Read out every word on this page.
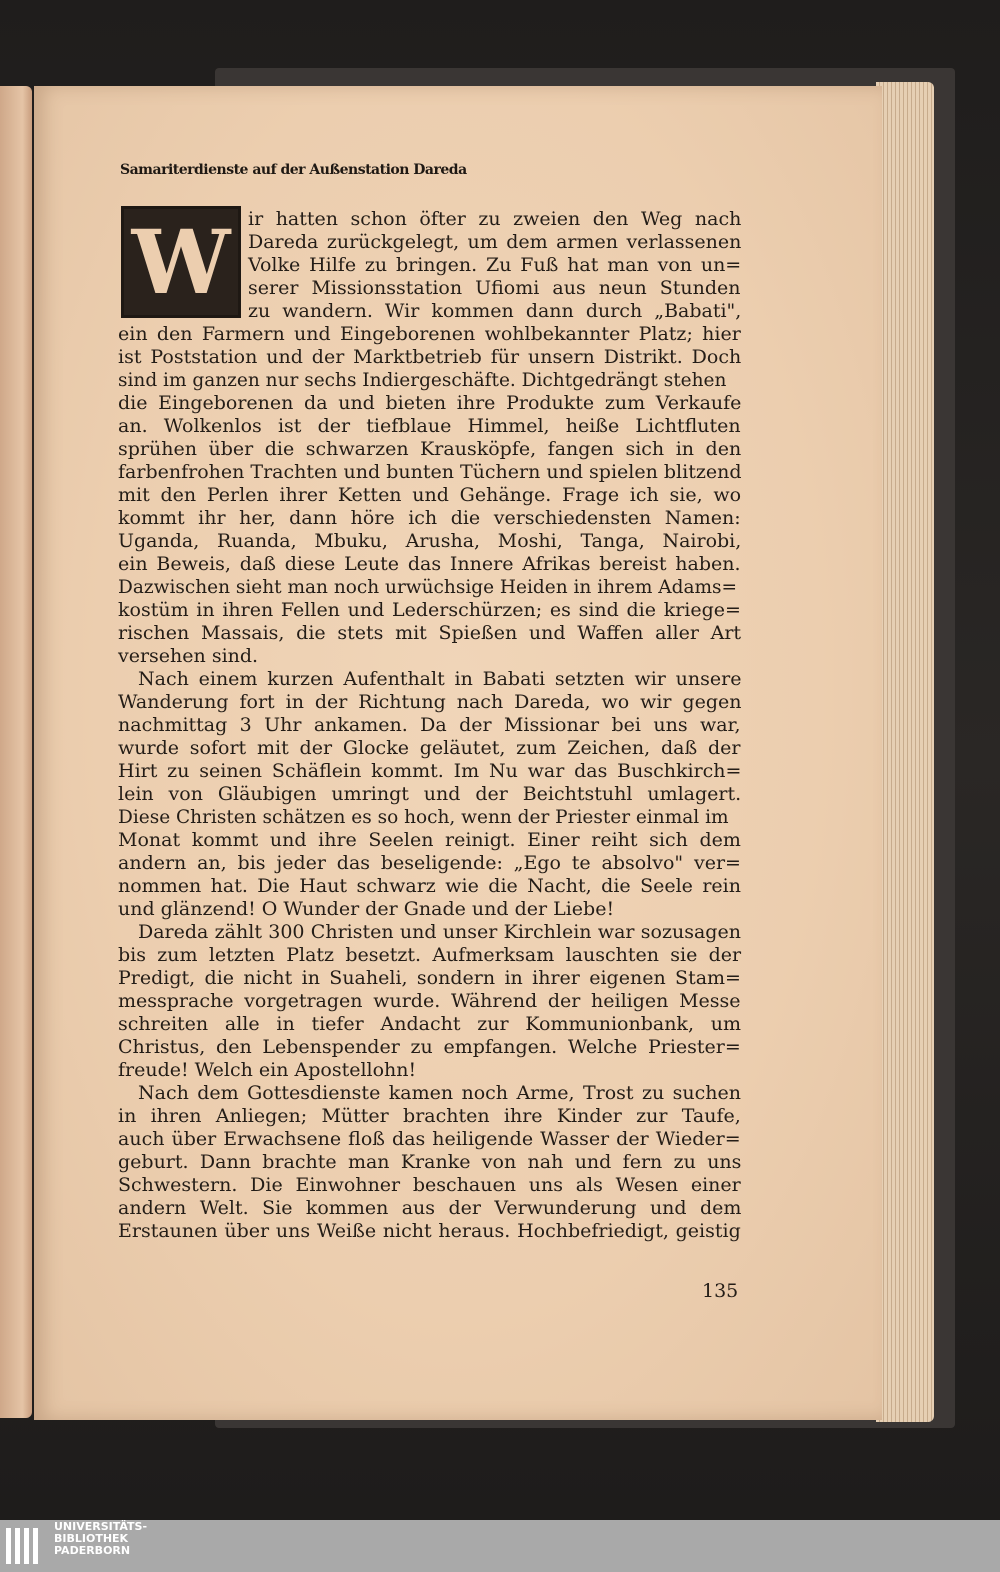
Samariterdienste auf der Außenstation Dareda
W ir hatten schon öfter zu zweien den Weg nach

Dareda zurückgelegt, um dem armen verlassenen

Volke Hilfe zu bringen. Zu Fuß hat man von un=

serer Missionsstation Ufiomi aus neun Stunden

zu wandern. Wir kommen dann durch „Babati",

ein den Farmern und Eingeborenen wohlbekannter Platz; hier

ist Poststation und der Marktbetrieb für unsern Distrikt. Doch

sind im ganzen nur sechs Indiergeschäfte. Dichtgedrängt stehen

die Eingeborenen da und bieten ihre Produkte zum Verkaufe

an. Wolkenlos ist der tiefblaue Himmel, heiße Lichtfluten

sprühen über die schwarzen Krausköpfe, fangen sich in den

farbenfrohen Trachten und bunten Tüchern und spielen blitzend

mit den Perlen ihrer Ketten und Gehänge. Frage ich sie, wo

kommt ihr her, dann höre ich die verschiedensten Namen:

Uganda, Ruanda, Mbuku, Arusha, Moshi, Tanga, Nairobi,

ein Beweis, daß diese Leute das Innere Afrikas bereist haben.

Dazwischen sieht man noch urwüchsige Heiden in ihrem Adams=

kostüm in ihren Fellen und Lederschürzen; es sind die kriege=

rischen Massais, die stets mit Spießen und Waffen aller Art

versehen sind.

Nach einem kurzen Aufenthalt in Babati setzten wir unsere

Wanderung fort in der Richtung nach Dareda, wo wir gegen

nachmittag 3 Uhr ankamen. Da der Missionar bei uns war,

wurde sofort mit der Glocke geläutet, zum Zeichen, daß der

Hirt zu seinen Schäflein kommt. Im Nu war das Buschkirch=

lein von Gläubigen umringt und der Beichtstuhl umlagert.

Diese Christen schätzen es so hoch, wenn der Priester einmal im

Monat kommt und ihre Seelen reinigt. Einer reiht sich dem

andern an, bis jeder das beseligende: „Ego te absolvo" ver=

nommen hat. Die Haut schwarz wie die Nacht, die Seele rein

und glänzend! O Wunder der Gnade und der Liebe!

Dareda zählt 300 Christen und unser Kirchlein war sozusagen

bis zum letzten Platz besetzt. Aufmerksam lauschten sie der

Predigt, die nicht in Suaheli, sondern in ihrer eigenen Stam=

messprache vorgetragen wurde. Während der heiligen Messe

schreiten alle in tiefer Andacht zur Kommunionbank, um

Christus, den Lebenspender zu empfangen. Welche Priester=

freude! Welch ein Apostellohn!

Nach dem Gottesdienste kamen noch Arme, Trost zu suchen

in ihren Anliegen; Mütter brachten ihre Kinder zur Taufe,

auch über Erwachsene floß das heiligende Wasser der Wieder=

geburt. Dann brachte man Kranke von nah und fern zu uns

Schwestern. Die Einwohner beschauen uns als Wesen einer

andern Welt. Sie kommen aus der Verwunderung und dem

Erstaunen über uns Weiße nicht heraus. Hochbefriedigt, geistig

135
UNIVERSITÄTS-
BIBLIOTHEK
PADERBORN
